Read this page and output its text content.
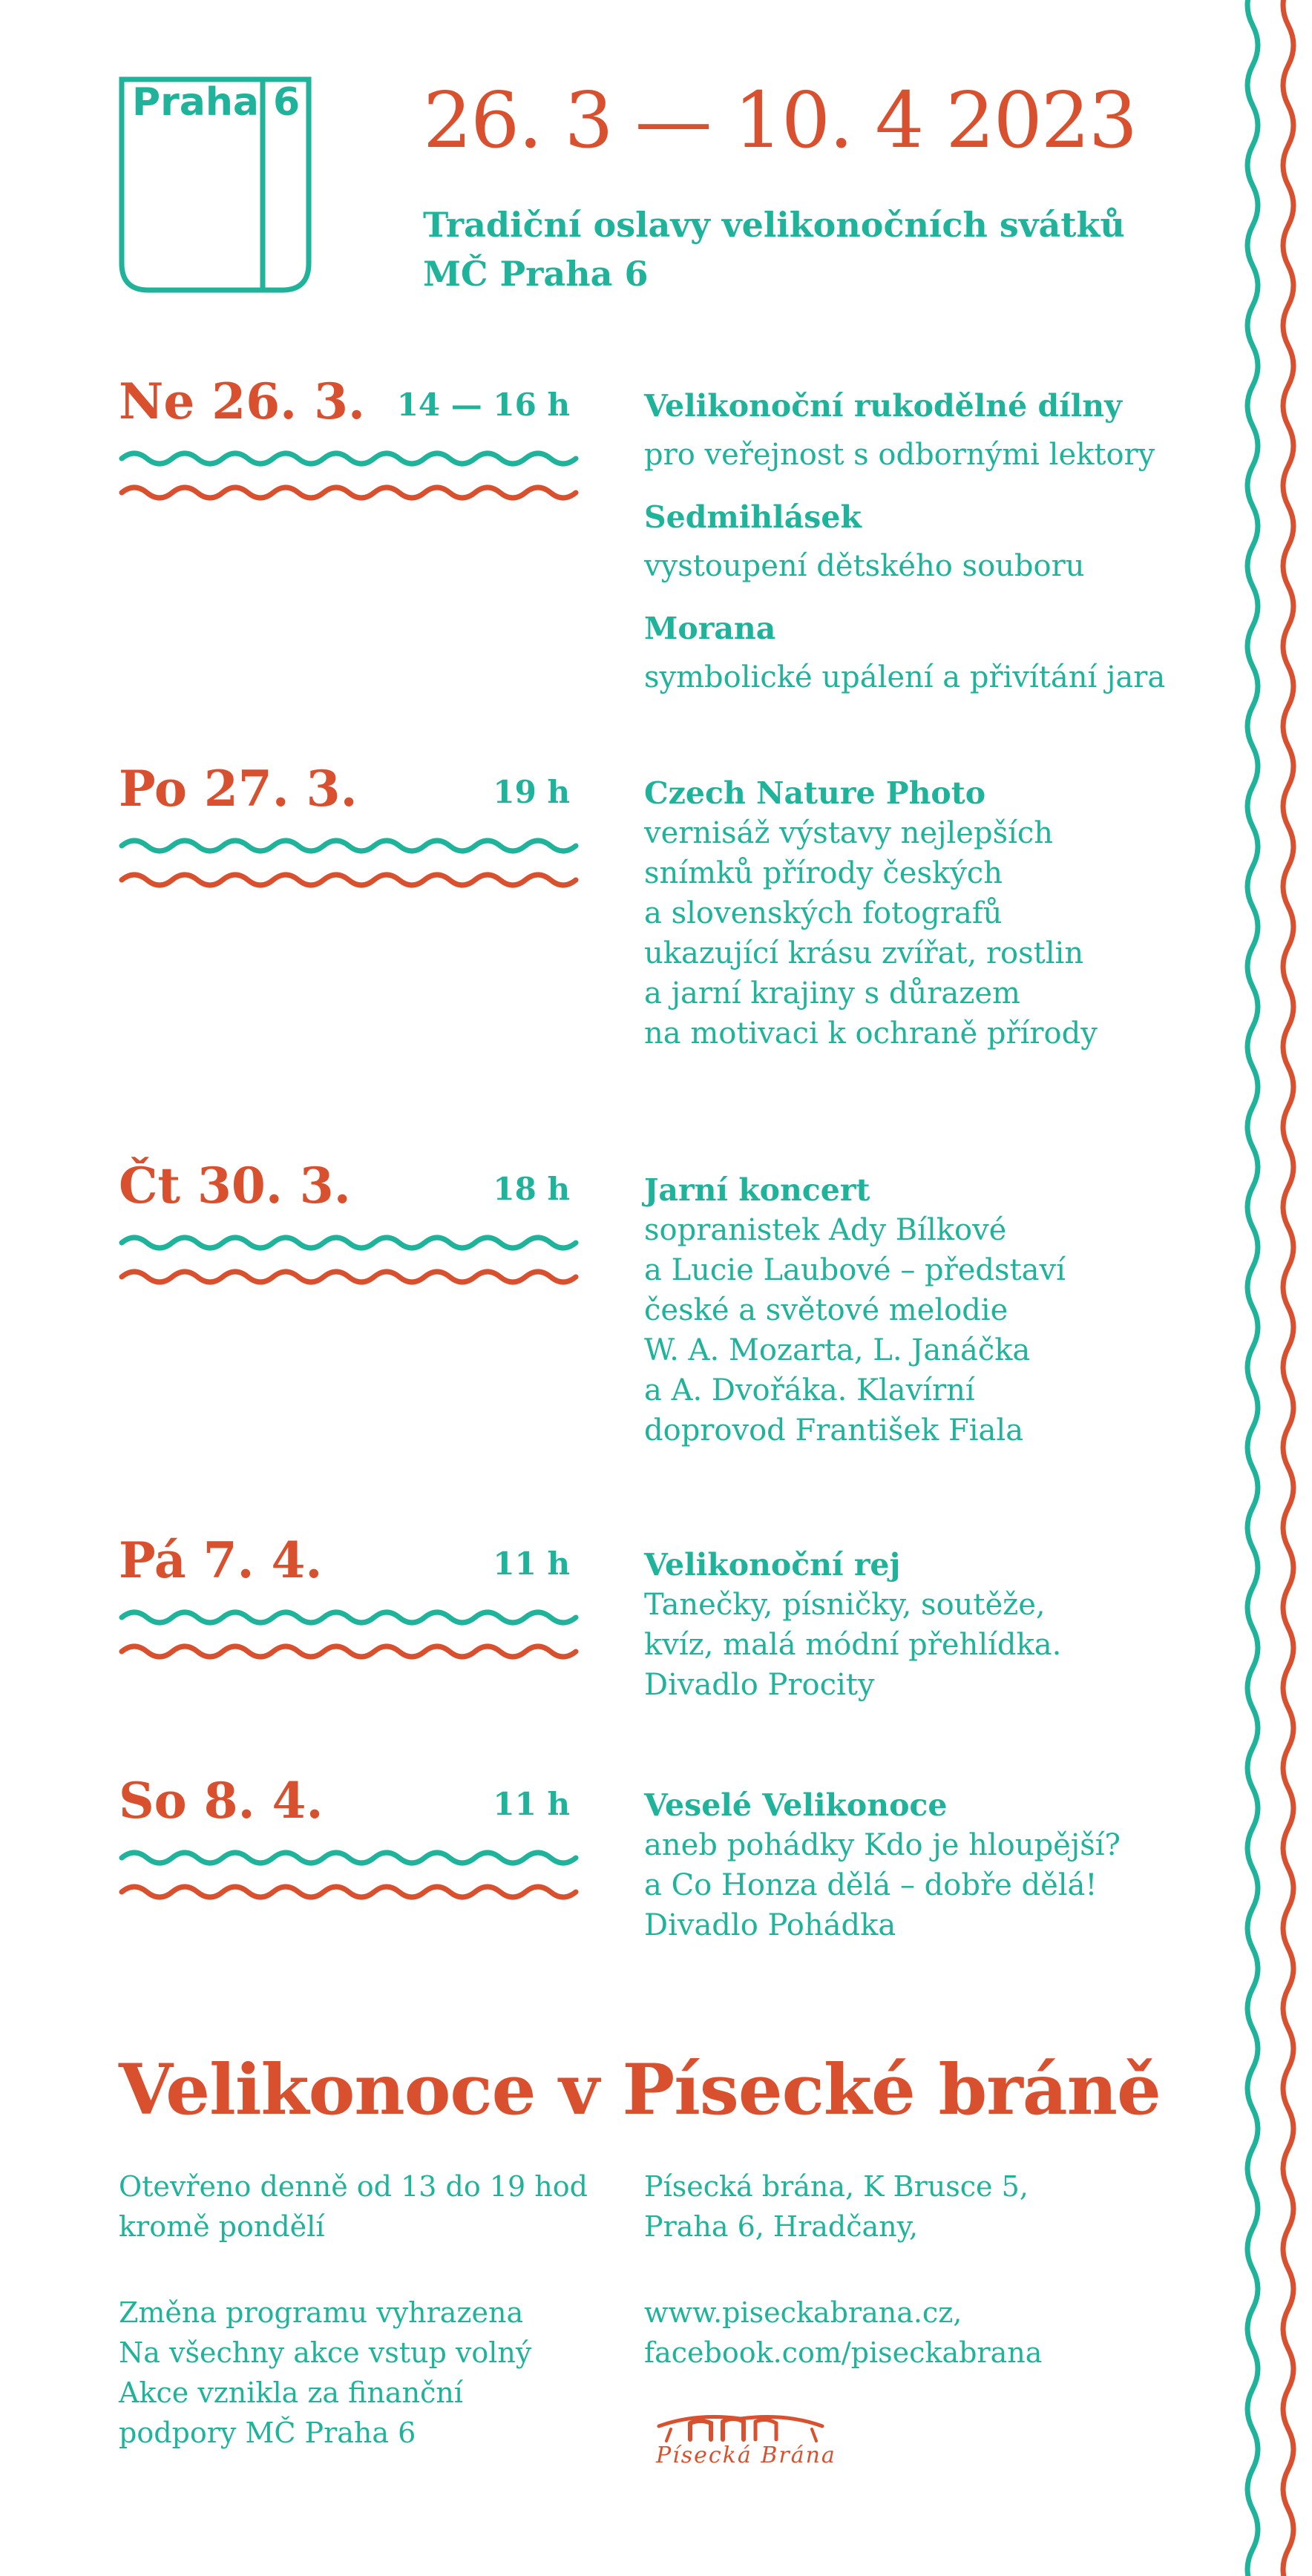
Praha 6 26. 3 — 10. 4 2023
Tradiční oslavy velikonočních svátků
MČ Praha 6
Ne 26. 3. 14 — 16 h Velikonoční rukodělné dílny
pro veřejnost s odbornými lektory
Sedmihlásek
vystoupení dětského souboru
Morana
symbolické upálení a přivítání jara
Po 27. 3.	19 h Czech Nature Photo
vernisáž výstavy nejlepších
snímků přírody českých
a slovenských fotografů
ukazující krásu zvířat, rostlin
a jarní krajiny s důrazem
na motivaci k ochraně přírody
Čt 30. 3.	18 h Jarní koncert
sopranistek Ady Bílkové
a Lucie Laubové – představí
české a světové melodie
W. A. Mozarta, L. Janáčka
a A. Dvořáka. Klavírní
doprovod František Fiala
Pá 7. 4.	11 h Velikonoční rej
Tanečky, písničky, soutěže,
kvíz, malá módní přehlídka.
Divadlo Procity
So 8. 4.	11 h Veselé Velikonoce
aneb pohádky Kdo je hloupější?
a Co Honza dělá – dobře dělá!
Divadlo Pohádka
Velikonoce v Písecké bráně
Otevřeno denně od 13 do 19 hod
kromě pondělí
Písecká brána, K Brusce 5,
Praha 6, Hradčany,
Změna programu vyhrazena
Na všechny akce vstup volný
Akce vznikla za finanční
podpory MČ Praha 6
www.piseckabrana.cz,
facebook.com/piseckabrana
Písecká Brána
